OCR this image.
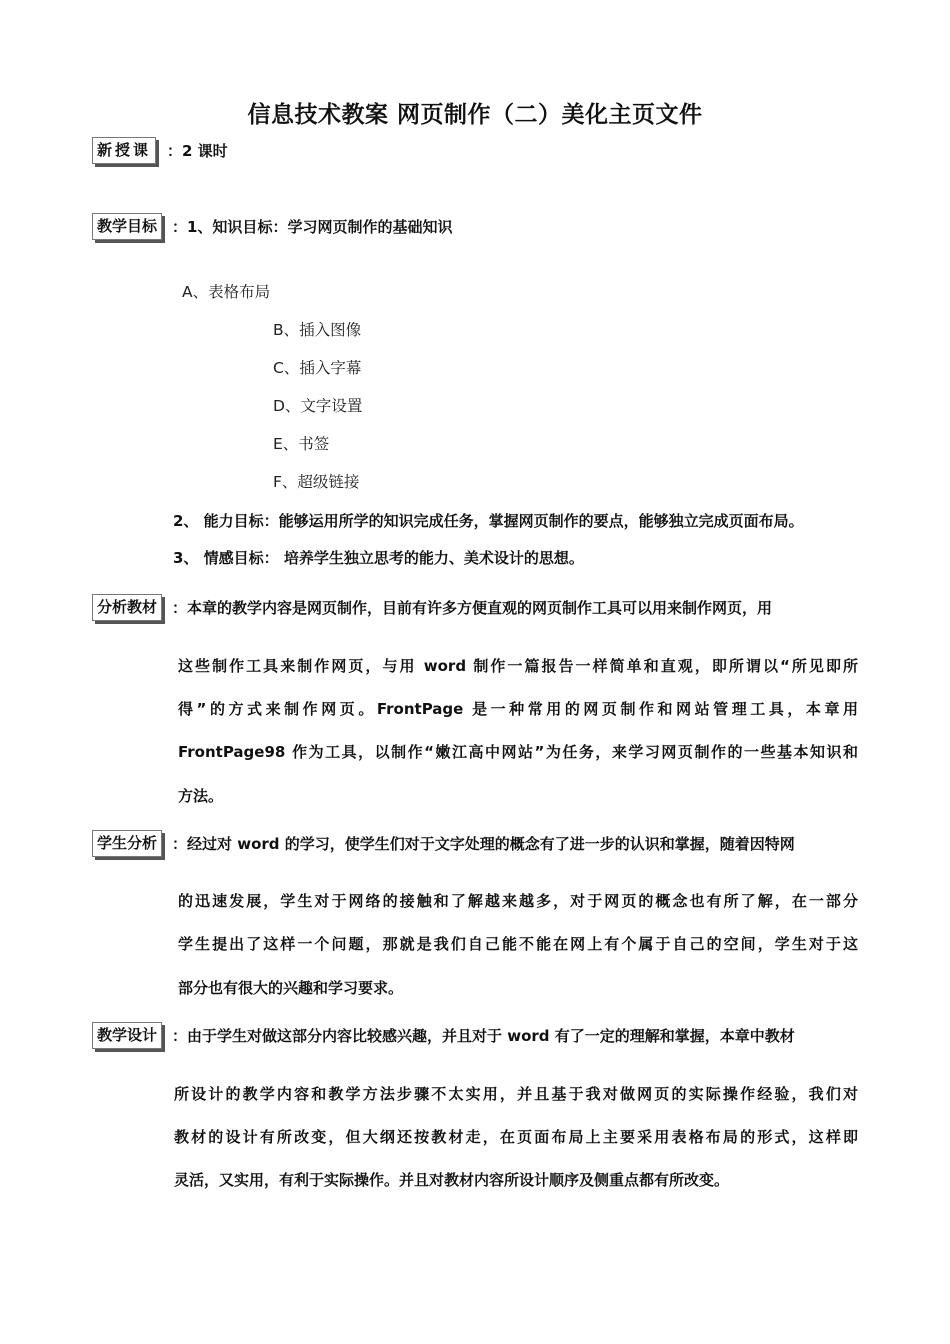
信息技术教案 网页制作（二）美化主页文件
新授课	：2 课时
教学目标 ：1、知识目标：学习网页制作的基础知识
A、表格布局
B、插入图像
C、插入字幕
D、文字设置
E、书签
F、超级链接
2、 能力目标：能够运用所学的知识完成任务，掌握网页制作的要点，能够独立完成页面布局。
3、 情感目标： 培养学生独立思考的能力、美术设计的思想。
分析教材 ：本章的教学内容是网页制作，目前有许多方便直观的网页制作工具可以用来制作网页，用
这些制作工具来制作网页，与用 word 制作一篇报告一样简单和直观，即所谓以“所见即所
得”的方式来制作网页。FrontPage 是一种常用的网页制作和网站管理工具，本章用
FrontPage98 作为工具，以制作“嫩江高中网站”为任务，来学习网页制作的一些基本知识和
方法。
学生分析 ：经过对 word 的学习，使学生们对于文字处理的概念有了进一步的认识和掌握，随着因特网
的迅速发展，学生对于网络的接触和了解越来越多，对于网页的概念也有所了解，在一部分
学生提出了这样一个问题，那就是我们自己能不能在网上有个属于自己的空间，学生对于这
部分也有很大的兴趣和学习要求。
教学设计 ：由于学生对做这部分内容比较感兴趣，并且对于 word 有了一定的理解和掌握，本章中教材
所设计的教学内容和教学方法步骤不太实用，并且基于我对做网页的实际操作经验，我们对
教材的设计有所改变，但大纲还按教材走，在页面布局上主要采用表格布局的形式，这样即
灵活，又实用，有利于实际操作。并且对教材内容所设计顺序及侧重点都有所改变。
